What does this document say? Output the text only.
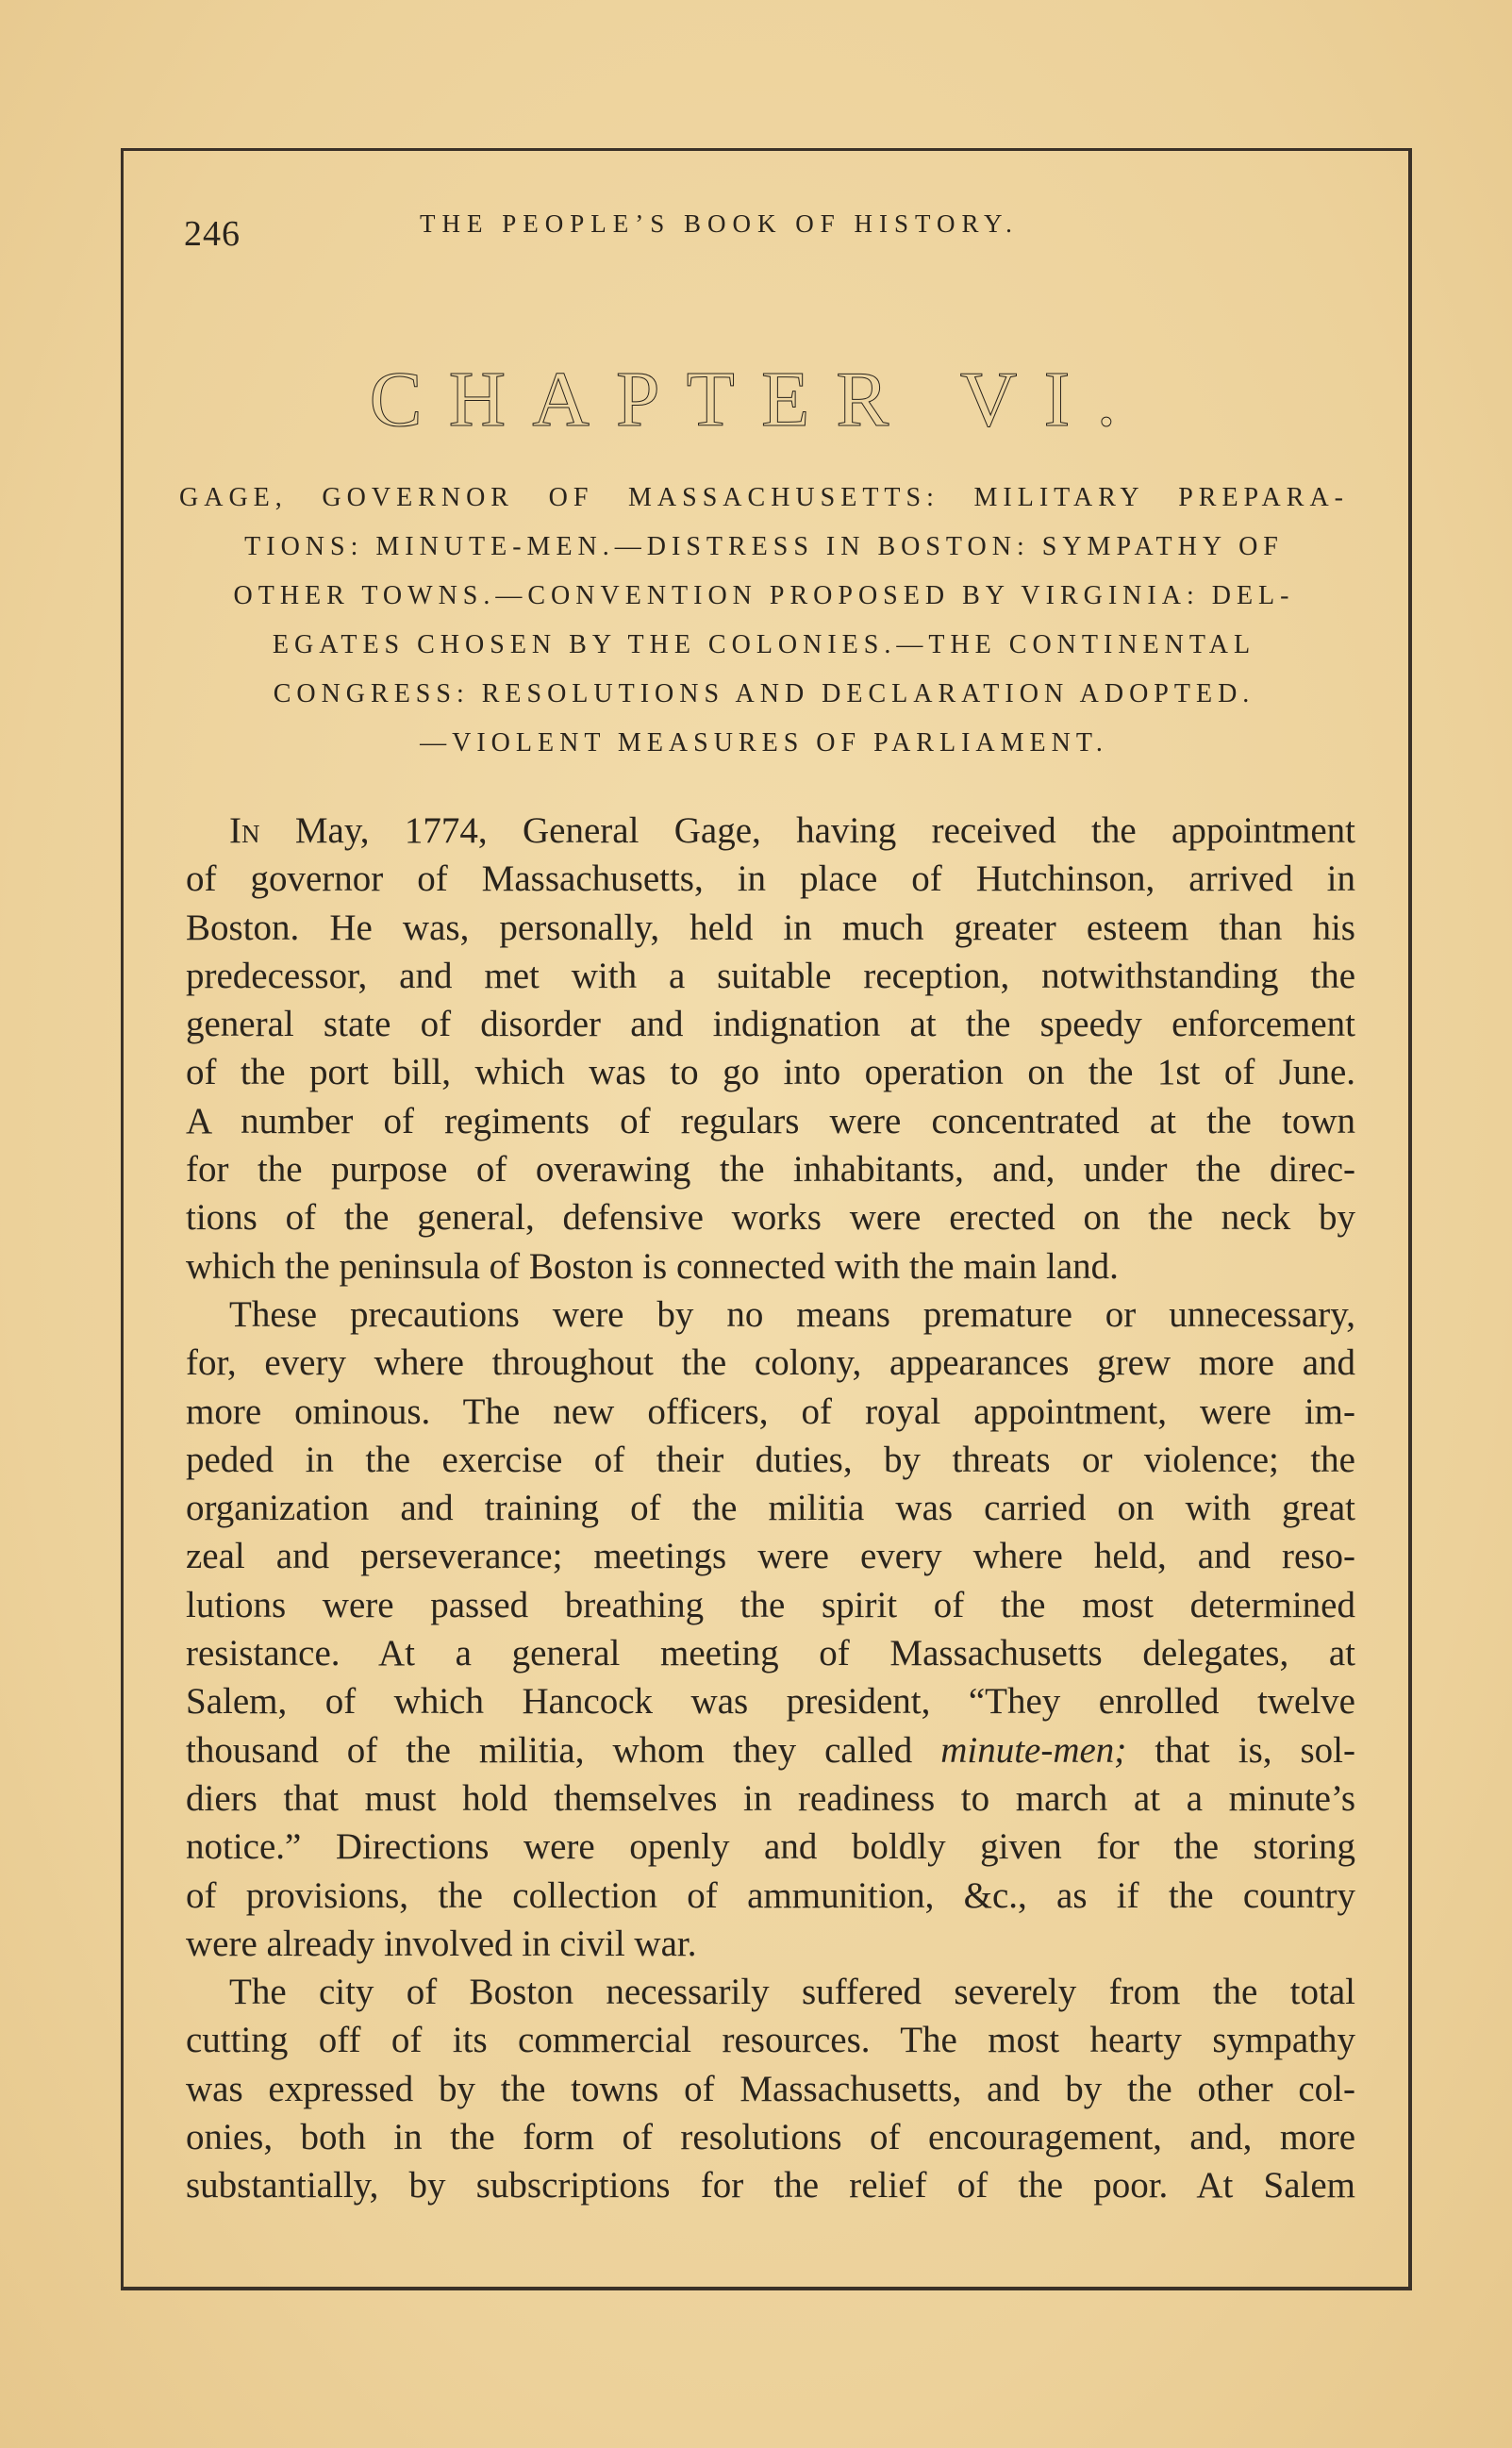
246	THE PEOPLE’S BOOK OF HISTORY.
CHAPTER VI.
GAGE, GOVERNOR OF MASSACHUSETTS: MILITARY PREPARA-
TIONS: MINUTE-MEN.—DISTRESS IN BOSTON: SYMPATHY OF
OTHER TOWNS.—CONVENTION PROPOSED BY VIRGINIA: DEL-
EGATES CHOSEN BY THE COLONIES.—THE CONTINENTAL
CONGRESS: RESOLUTIONS AND DECLARATION ADOPTED.
—VIOLENT MEASURES OF PARLIAMENT.
In May, 1774, General Gage, having received the appointment
of governor of Massachusetts, in place of Hutchinson, arrived in
Boston. He was, personally, held in much greater esteem than his
predecessor, and met with a suitable reception, notwithstanding the
general state of disorder and indignation at the speedy enforcement
of the port bill, which was to go into operation on the 1st of June.
A number of regiments of regulars were concentrated at the town
for the purpose of overawing the inhabitants, and, under the direc-
tions of the general, defensive works were erected on the neck by
which the peninsula of Boston is connected with the main land.
These precautions were by no means premature or unnecessary,
for, every where throughout the colony, appearances grew more and
more ominous. The new officers, of royal appointment, were im-
peded in the exercise of their duties, by threats or violence; the
organization and training of the militia was carried on with great
zeal and perseverance; meetings were every where held, and reso-
lutions were passed breathing the spirit of the most determined
resistance. At a general meeting of Massachusetts delegates, at
Salem, of which Hancock was president, “They enrolled twelve
thousand of the militia, whom they called minute-men; that is, sol-
diers that must hold themselves in readiness to march at a minute’s
notice.” Directions were openly and boldly given for the storing
of provisions, the collection of ammunition, &c., as if the country
were already involved in civil war.
The city of Boston necessarily suffered severely from the total
cutting off of its commercial resources. The most hearty sympathy
was expressed by the towns of Massachusetts, and by the other col-
onies, both in the form of resolutions of encouragement, and, more
substantially, by subscriptions for the relief of the poor. At Salem
